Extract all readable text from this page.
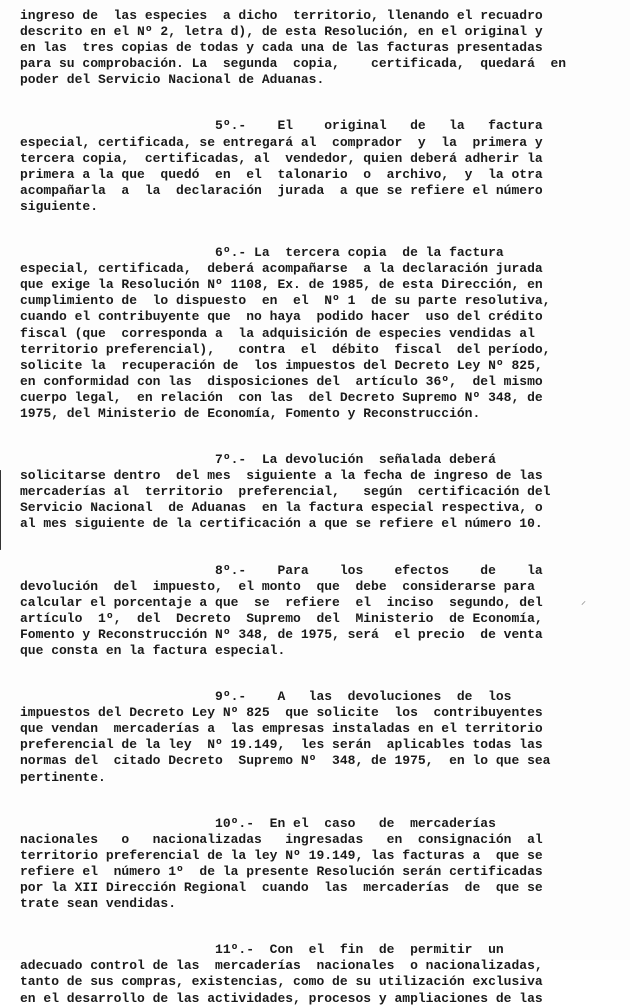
⸝
ingreso de  las especies  a dicho  territorio, llenando el recuadro
descrito en el Nº 2, letra d), de esta Resolución, en el original y
en las  tres copias de todas y cada una de las facturas presentadas
para su comprobación. La  segunda  copia,    certificada,  quedará  en
poder del Servicio Nacional de Aduanas.
5º.-    El    original   de   la   factura
especial, certificada, se entregará al  comprador  y  la  primera y
tercera copia,  certificadas, al  vendedor, quien deberá adherir la
primera a la que  quedó  en  el  talonario  o  archivo,  y  la otra
acompañarla  a  la  declaración  jurada  a que se refiere el número
siguiente.
6º.- La  tercera copia  de la factura
especial, certificada,  deberá acompañarse  a la declaración jurada
que exige la Resolución Nº 1108, Ex. de 1985, de esta Dirección, en
cumplimiento de  lo dispuesto  en  el  Nº 1  de su parte resolutiva,
cuando el contribuyente que  no haya  podido hacer  uso del crédito
fiscal (que  corresponda a  la adquisición de especies vendidas al
territorio preferencial),   contra  el  débito  fiscal  del período,
solicite la  recuperación de  los impuestos del Decreto Ley Nº 825,
en conformidad con las  disposiciones del  artículo 36º,  del mismo
cuerpo legal,  en relación  con las  del Decreto Supremo Nº 348, de
1975, del Ministerio de Economía, Fomento y Reconstrucción.
7º.-  La devolución  señalada deberá
solicitarse dentro  del mes  siguiente a la fecha de ingreso de las
mercaderías al  territorio  preferencial,   según  certificación del
Servicio Nacional  de Aduanas  en la factura especial respectiva, o
al mes siguiente de la certificación a que se refiere el número 10.
8º.-    Para    los    efectos    de    la
devolución  del  impuesto,  el monto  que  debe  considerarse para
calcular el porcentaje a que  se  refiere  el  inciso  segundo, del
artículo  1º,  del  Decreto  Supremo  del  Ministerio  de Economía,
Fomento y Reconstrucción Nº 348, de 1975, será  el precio  de venta
que consta en la factura especial.
9º.-    A   las  devoluciones  de  los
impuestos del Decreto Ley Nº 825  que solicite  los  contribuyentes
que vendan  mercaderías a  las empresas instaladas en el territorio
preferencial de la ley  Nº 19.149,  les serán  aplicables todas las
normas del  citado Decreto  Supremo Nº  348, de 1975,  en lo que sea
pertinente.
10º.-  En el  caso   de  mercaderías
nacionales   o   nacionalizadas   ingresadas   en  consignación  al
territorio preferencial de la ley Nº 19.149, las facturas a  que se
refiere el  número 1º  de la presente Resolución serán certificadas
por la XII Dirección Regional  cuando  las  mercaderías  de  que se
trate sean vendidas.
11º.-  Con  el  fin  de  permitir  un
adecuado control de las  mercaderías  nacionales  o nacionalizadas,
tanto de sus compras, existencias, como de su utilización exclusiva
en el desarrollo de las actividades, procesos y ampliaciones de las
